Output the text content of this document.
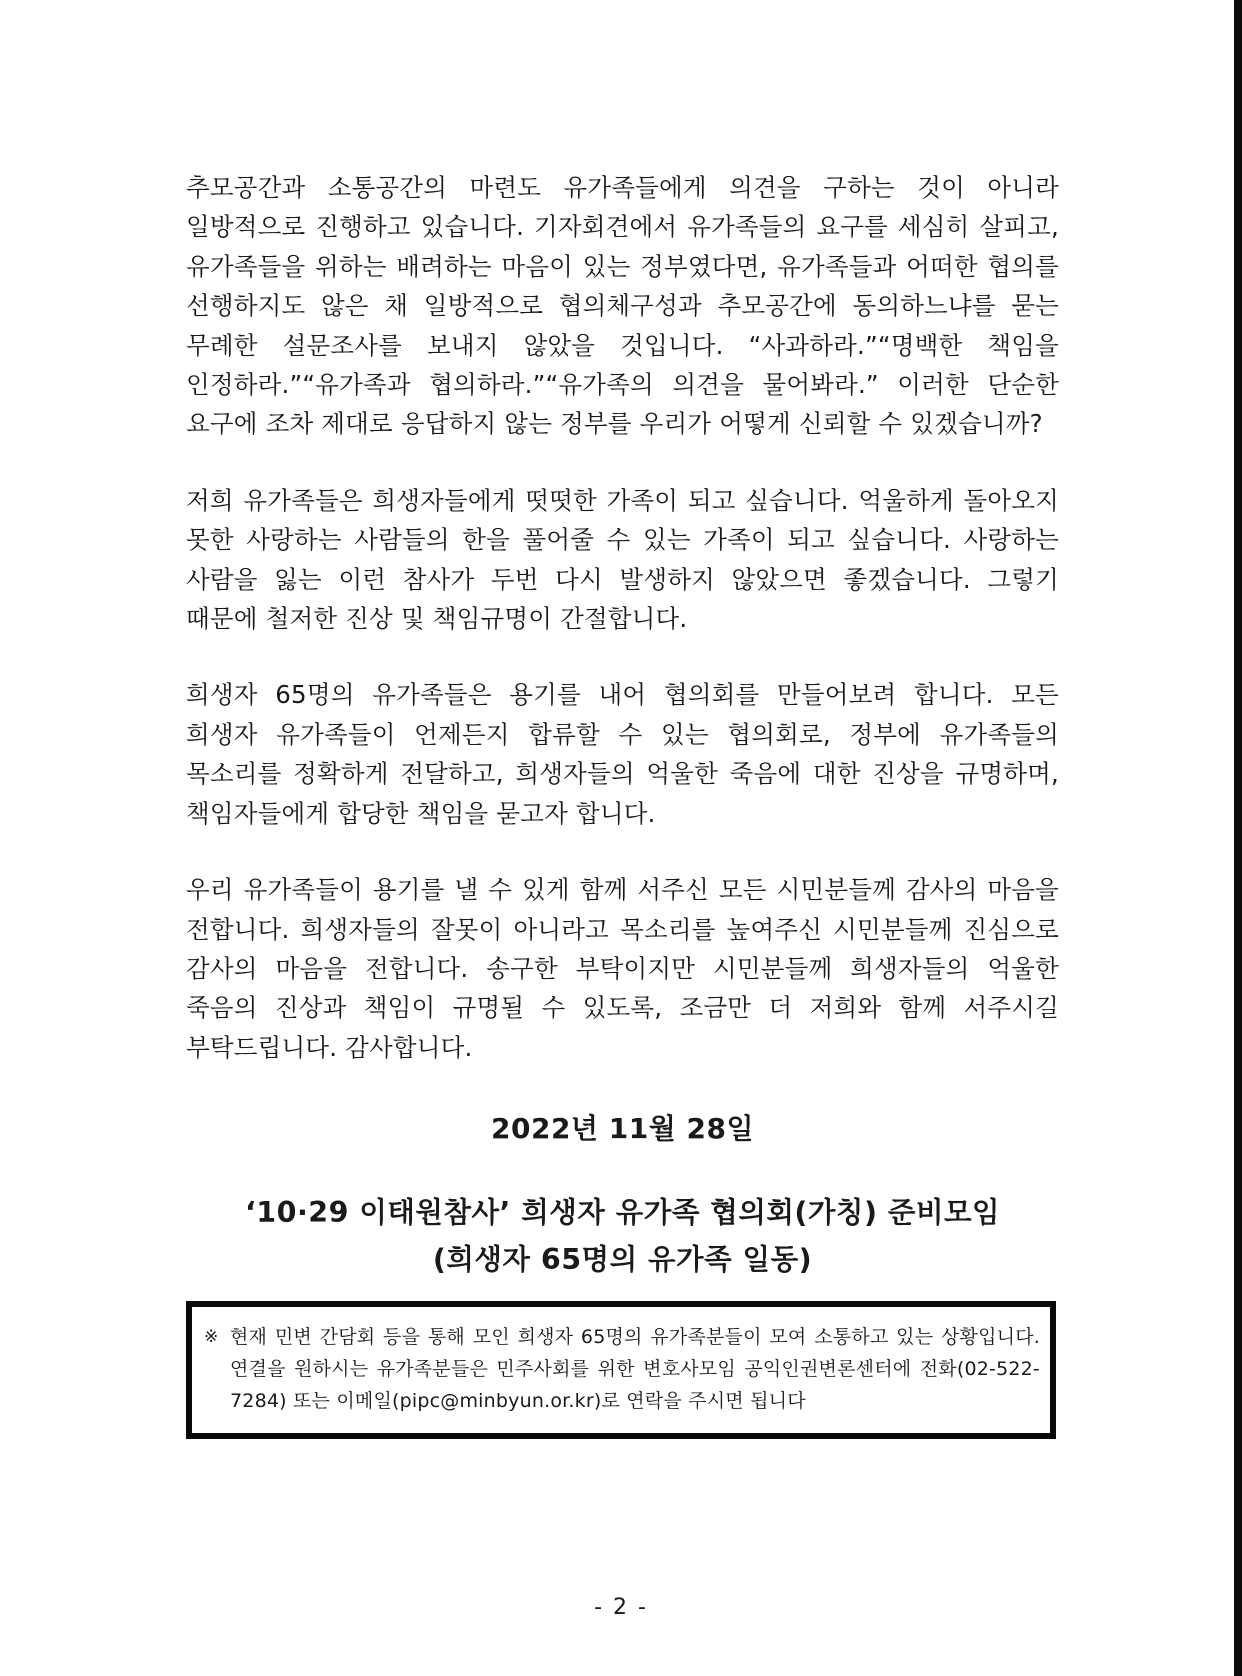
추모공간과 소통공간의 마련도 유가족들에게 의견을 구하는 것이 아니라 일방적으로 진행하고 있습니다. 기자회견에서 유가족들의 요구를 세심히 살피고, 유가족들을 위하는 배려하는 마음이 있는 정부였다면, 유가족들과 어떠한 협의를 선행하지도 않은 채 일방적으로 협의체구성과 추모공간에 동의하느냐를 묻는 무례한 설문조사를 보내지 않았을 것입니다. “사과하라.”“명백한 책임을 인정하라.”“유가족과 협의하라.”“유가족의 의견을 물어봐라.” 이러한 단순한 요구에 조차 제대로 응답하지 않는 정부를 우리가 어떻게 신뢰할 수 있겠습니까?

저희 유가족들은 희생자들에게 떳떳한 가족이 되고 싶습니다. 억울하게 돌아오지 못한 사랑하는 사람들의 한을 풀어줄 수 있는 가족이 되고 싶습니다. 사랑하는 사람을 잃는 이런 참사가 두번 다시 발생하지 않았으면 좋겠습니다. 그렇기 때문에 철저한 진상 및 책임규명이 간절합니다.

희생자 65명의 유가족들은 용기를 내어 협의회를 만들어보려 합니다. 모든 희생자 유가족들이 언제든지 합류할 수 있는 협의회로, 정부에 유가족들의 목소리를 정확하게 전달하고, 희생자들의 억울한 죽음에 대한 진상을 규명하며, 책임자들에게 합당한 책임을 묻고자 합니다.

우리 유가족들이 용기를 낼 수 있게 함께 서주신 모든 시민분들께 감사의 마음을 전합니다. 희생자들의 잘못이 아니라고 목소리를 높여주신 시민분들께 진심으로 감사의 마음을 전합니다. 송구한 부탁이지만 시민분들께 희생자들의 억울한 죽음의 진상과 책임이 규명될 수 있도록, 조금만 더 저희와 함께 서주시길 부탁드립니다. 감사합니다.

2022년 11월 28일
‘10·29 이태원참사’ 희생자 유가족 협의회(가칭) 준비모임
(희생자 65명의 유가족 일동)
※ 현재 민변 간담회 등을 통해 모인 희생자 65명의 유가족분들이 모여 소통하고 있는 상황입니다. 연결을 원하시는 유가족분들은 민주사회를 위한 변호사모임 공익인권변론센터에 전화(02-522-7284) 또는 이메일(pipc@minbyun.or.kr)로 연락을 주시면 됩니다
- 2 -
